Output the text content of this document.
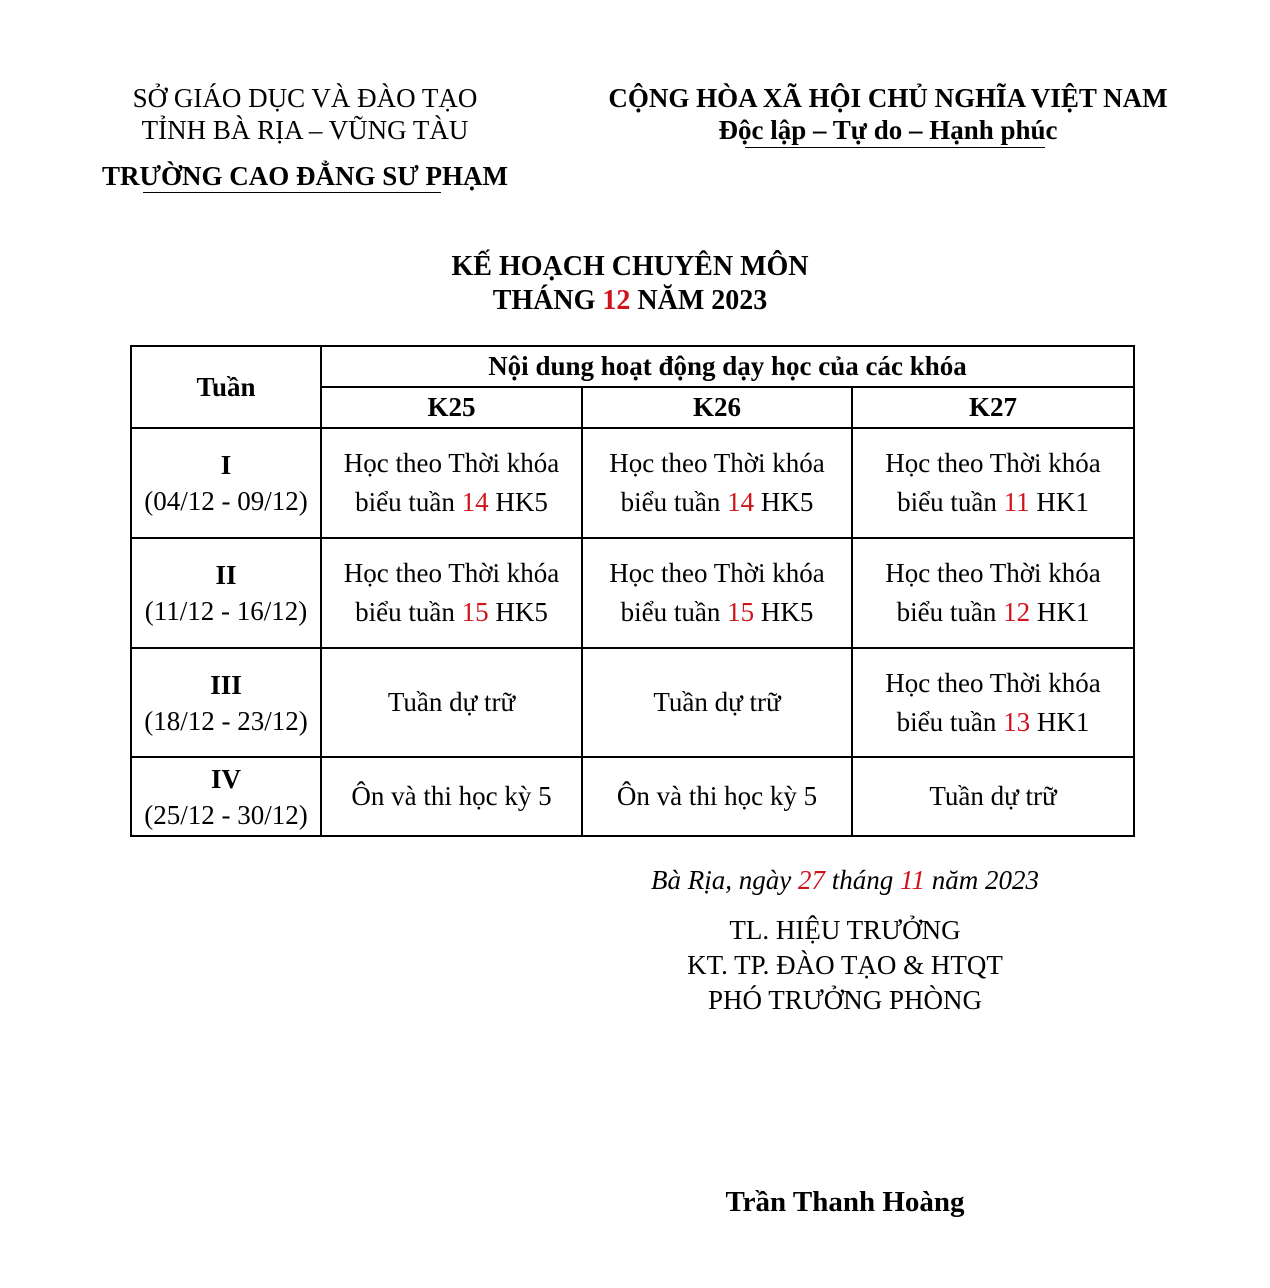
SỞ GIÁO DỤC VÀ ĐÀO TẠO
TỈNH BÀ RỊA – VŨNG TÀU
TRƯỜNG CAO ĐẲNG SƯ PHẠM
CỘNG HÒA XÃ HỘI CHỦ NGHĨA VIỆT NAM
Độc lập – Tự do – Hạnh phúc
KẾ HOẠCH CHUYÊN MÔN
THÁNG 12 NĂM 2023
Tuần	Nội dung hoạt động dạy học của các khóa		
	K25	K26	K27

I
(04/12 - 09/12)	Học theo Thời khóa biểu tuần 14 HK5	Học theo Thời khóa biểu tuần 14 HK5	Học theo Thời khóa biểu tuần 11 HK1

II
(11/12 - 16/12)	Học theo Thời khóa biểu tuần 15 HK5	Học theo Thời khóa biểu tuần 15 HK5	Học theo Thời khóa biểu tuần 12 HK1

III
(18/12 - 23/12)	Tuần dự trữ	Tuần dự trữ	Học theo Thời khóa biểu tuần 13 HK1

IV
(25/12 - 30/12)	Ôn và thi học kỳ 5	Ôn và thi học kỳ 5	Tuần dự trữ
Bà Rịa, ngày 27 tháng 11 năm 2023
TL. HIỆU TRƯỞNG
KT. TP. ĐÀO TẠO & HTQT
PHÓ TRƯỞNG PHÒNG
Trần Thanh Hoàng
